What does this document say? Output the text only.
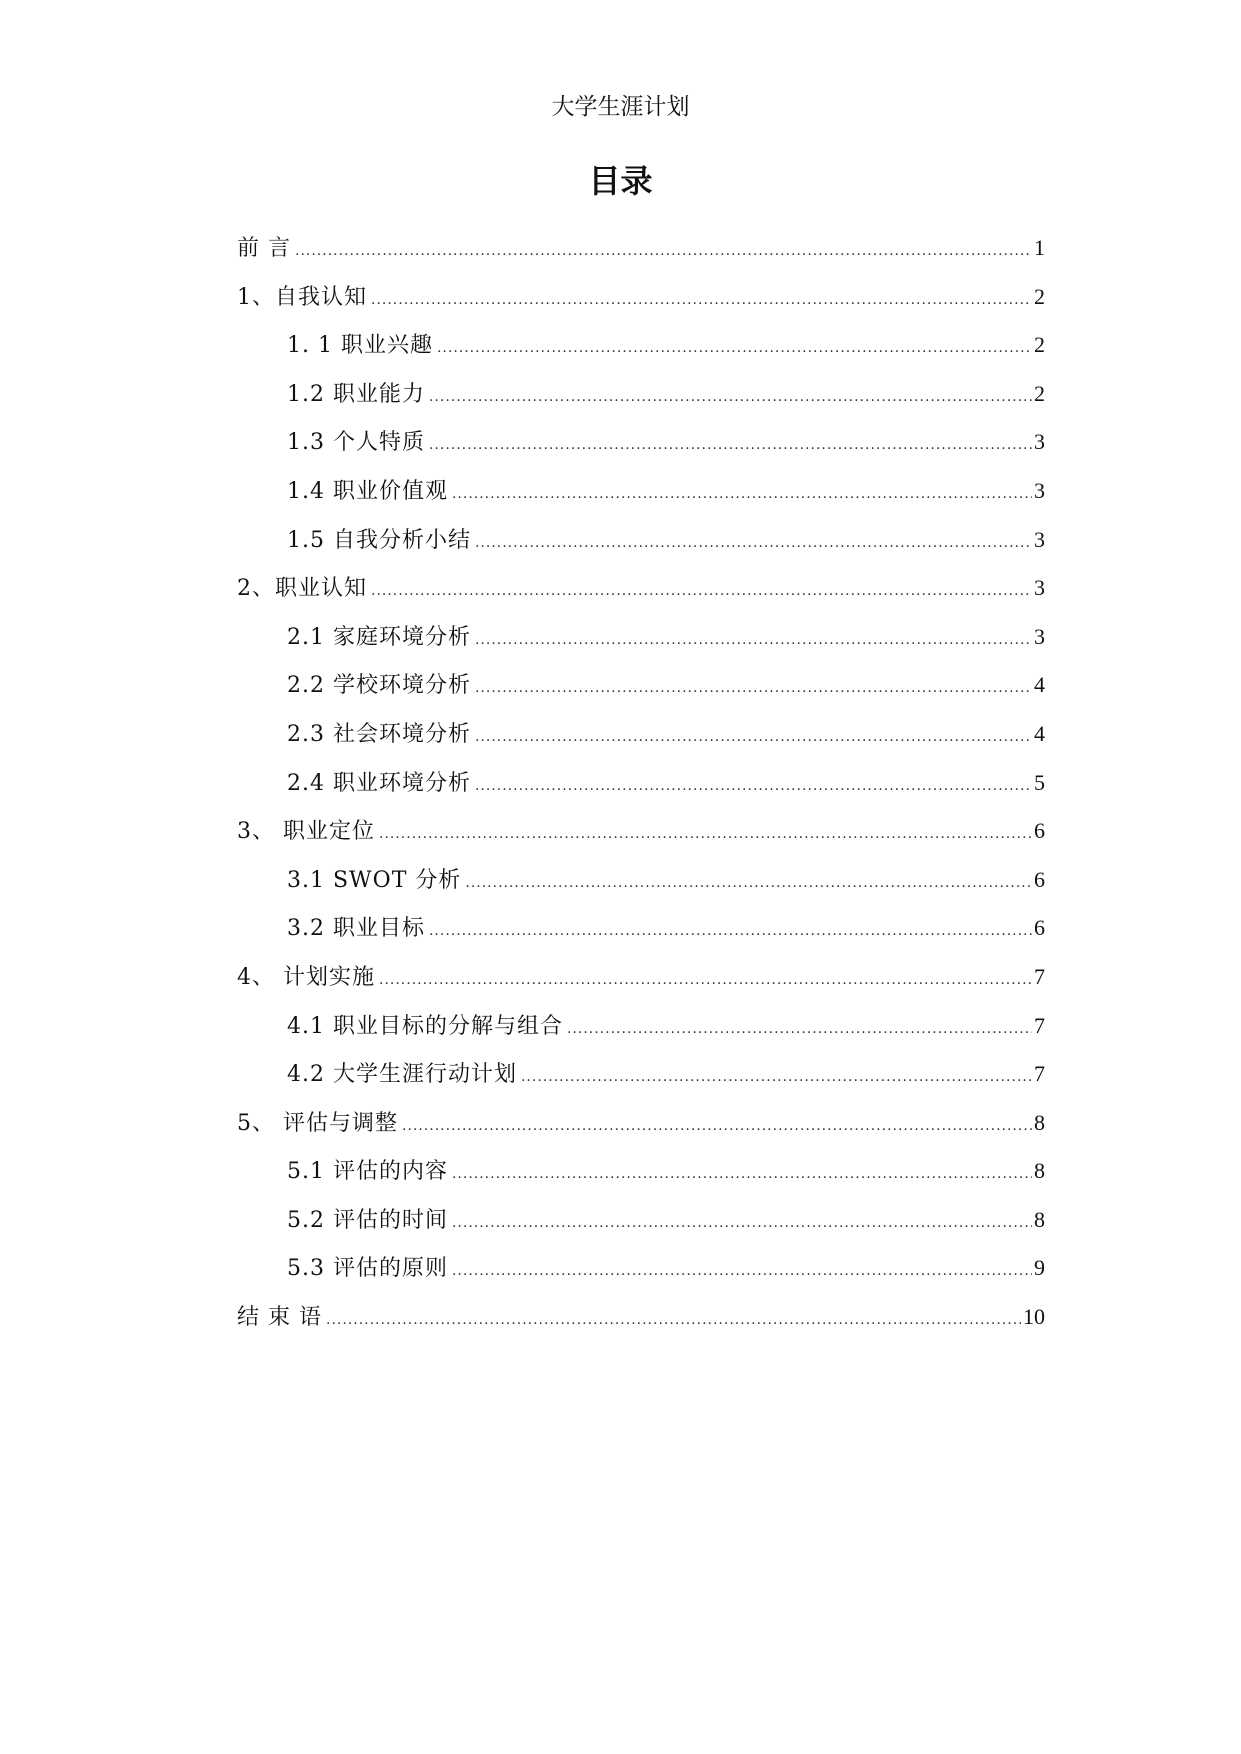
大学生涯计划
目录
前 言 .....	1
1、自我认知 .....	2
1. 1 职业兴趣 .....	2
1.2 职业能力 .....	2
1.3 个人特质 .....	3
1.4 职业价值观 .....	3
1.5 自我分析小结 .....	3
2、职业认知 .....	3
2.1 家庭环境分析 .....	3
2.2 学校环境分析 .....	4
2.3 社会环境分析 .....	4
2.4 职业环境分析 .....	5
3、 职业定位 .....	6
3.1 SWOT 分析 .....	6
3.2 职业目标 .....	6
4、 计划实施 .....	7
4.1 职业目标的分解与组合 .....	7
4.2 大学生涯行动计划 .....	7
5、 评估与调整 .....	8
5.1 评估的内容 .....	8
5.2 评估的时间 .....	8
5.3 评估的原则 .....	9
结 束 语 .....	10
